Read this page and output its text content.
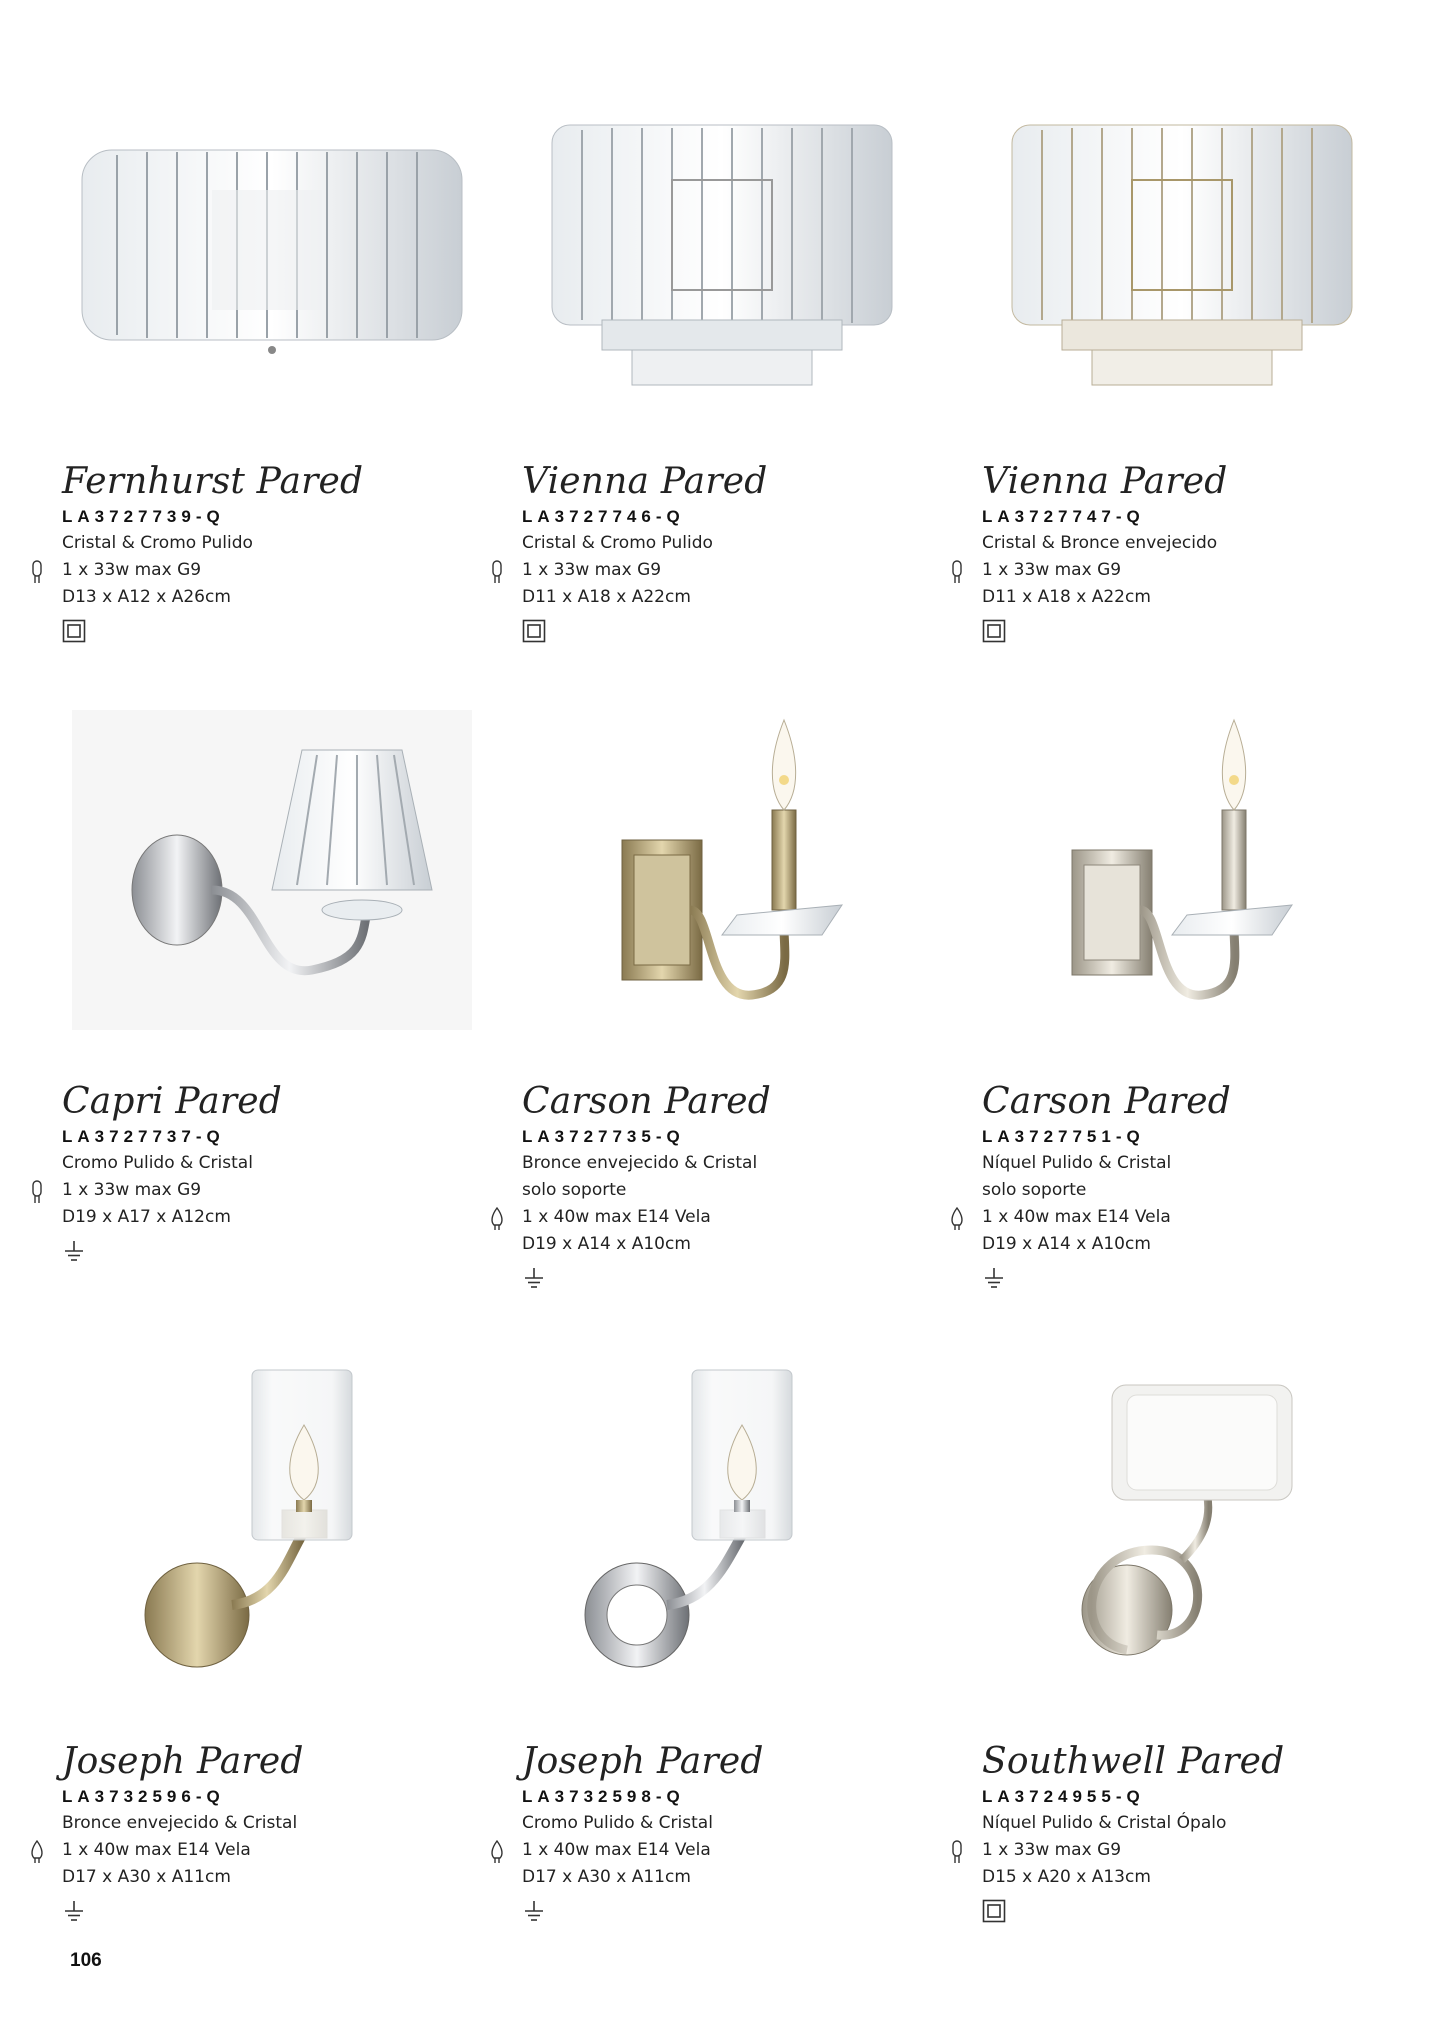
Fernhurst Pared
LA3727739-Q
Cristal & Cromo Pulido
1 x 33w max G9
D13 x A12 x A26cm
Vienna Pared
LA3727746-Q
Cristal & Cromo Pulido
1 x 33w max G9
D11 x A18 x A22cm
Vienna Pared
LA3727747-Q
Cristal & Bronce envejecido
1 x 33w max G9
D11 x A18 x A22cm
Capri Pared
LA3727737-Q
Cromo Pulido & Cristal
1 x 33w max G9
D19 x A17 x A12cm
Carson Pared
LA3727735-Q
Bronce envejecido & Cristal
solo soporte
1 x 40w max E14 Vela
D19 x A14 x A10cm
Carson Pared
LA3727751-Q
Níquel Pulido & Cristal
solo soporte
1 x 40w max E14 Vela
D19 x A14 x A10cm
Joseph Pared
LA3732596-Q
Bronce envejecido & Cristal
1 x 40w max E14 Vela
D17 x A30 x A11cm
Joseph Pared
LA3732598-Q
Cromo Pulido & Cristal
1 x 40w max E14 Vela
D17 x A30 x A11cm
Southwell Pared
LA3724955-Q
Níquel Pulido & Cristal Ópalo
1 x 33w max G9
D15 x A20 x A13cm
106
